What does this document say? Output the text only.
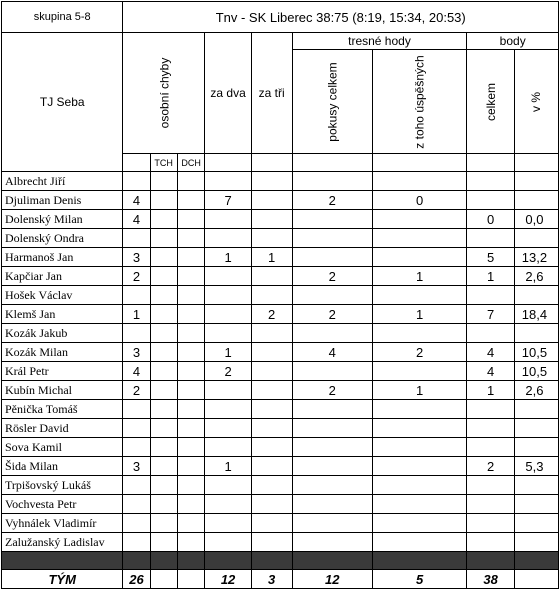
skupina 5-8	Tnv - SK Liberec 38:75 (8:19, 15:34, 20:53)								
TJ Seba	osobní chyby			za dva	za tři	tresné hody		body	
						pokusy celkem	z toho úspěšných	celkem	v %
		TCH	DCH						
Albrecht Jiří									
Djuliman Denis	4			7		2	0		
Dolenský Milan	4							0	0,0
Dolenský Ondra									
Harmanoš Jan	3			1	1			5	13,2
Kapčiar Jan	2					2	1	1	2,6
Hošek Václav									
Klemš Jan	1				2	2	1	7	18,4
Kozák Jakub									
Kozák Milan	3			1		4	2	4	10,5
Král Petr	4			2				4	10,5
Kubín Michal	2					2	1	1	2,6
Pěnička Tomáš									
Rösler David									
Sova Kamil									
Šida Milan	3			1				2	5,3
Trpišovský Lukáš									
Vochvesta Petr									
Vyhnálek Vladimír									
Zalužanský Ladislav									

TÝM	26			12	3	12	5	38	
